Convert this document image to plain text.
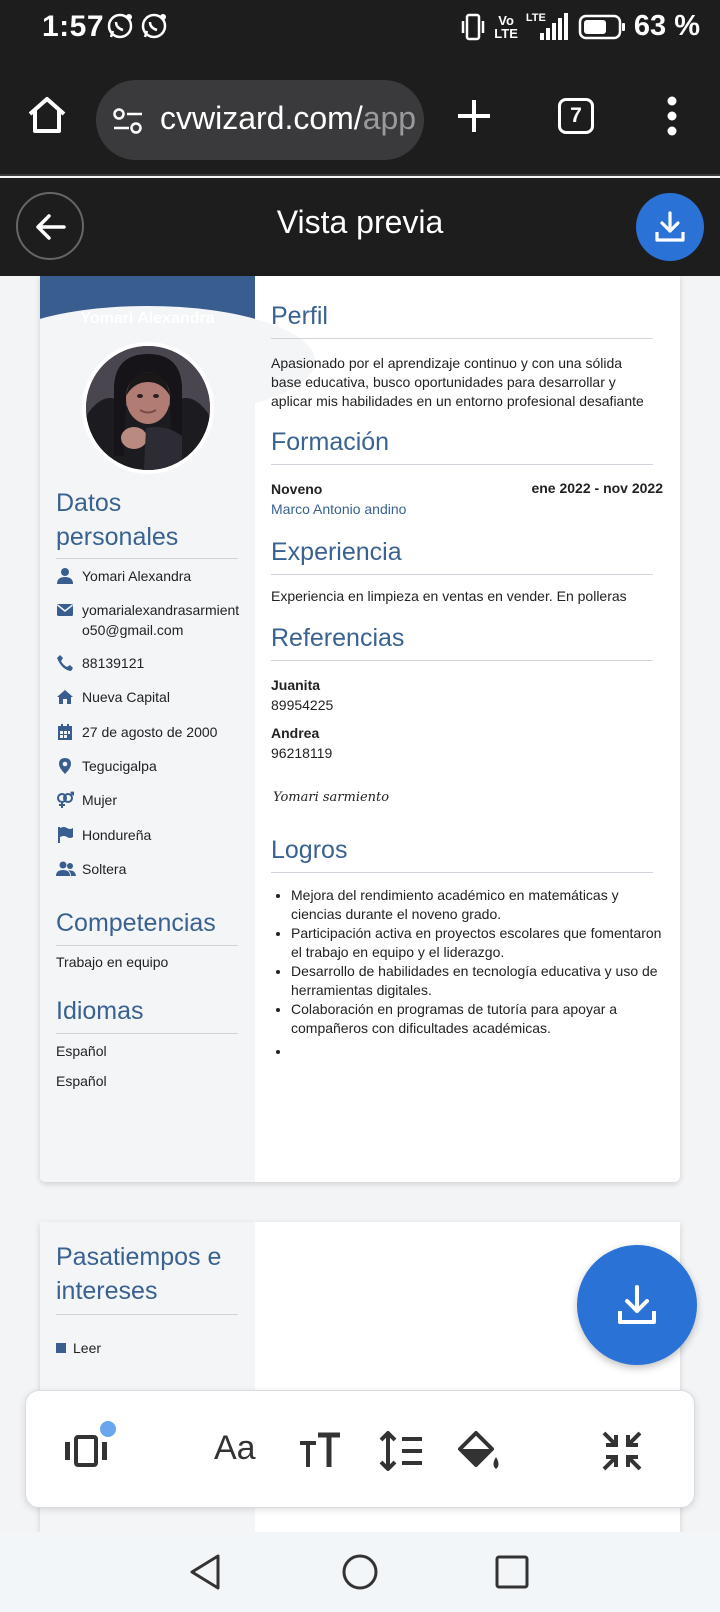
1:57	Vo
LTE
LTE	63 %
cvwizard.com/app	7
Vista previa
Yomari Alexandra
Datos
personales
Yomari Alexandra
yomarialexandrasarmiento50@gmail.com
88139121
Nueva Capital
27 de agosto de 2000
Tegucigalpa
Mujer
Hondureña
Soltera
Competencias
Trabajo en equipo
Idiomas
Español
Español
Perfil
Apasionado por el aprendizaje continuo y con una sólida base educativa, busco oportunidades para desarrollar y aplicar mis habilidades en un entorno profesional desafiante
Formación
Noveno	ene 2022 - nov 2022
Marco Antonio andino
Experiencia
Experiencia en limpieza en ventas en vender. En polleras
Referencias
Juanita
89954225
Andrea
96218119
Yomari sarmiento
Logros
• Mejora del rendimiento académico en matemáticas y ciencias durante el noveno grado.
• Participación activa en proyectos escolares que fomentaron el trabajo en equipo y el liderazgo.
• Desarrollo de habilidades en tecnología educativa y uso de herramientas digitales.
• Colaboración en programas de tutoría para apoyar a compañeros con dificultades académicas.
•
Pasatiempos e
intereses
Leer
Aa
